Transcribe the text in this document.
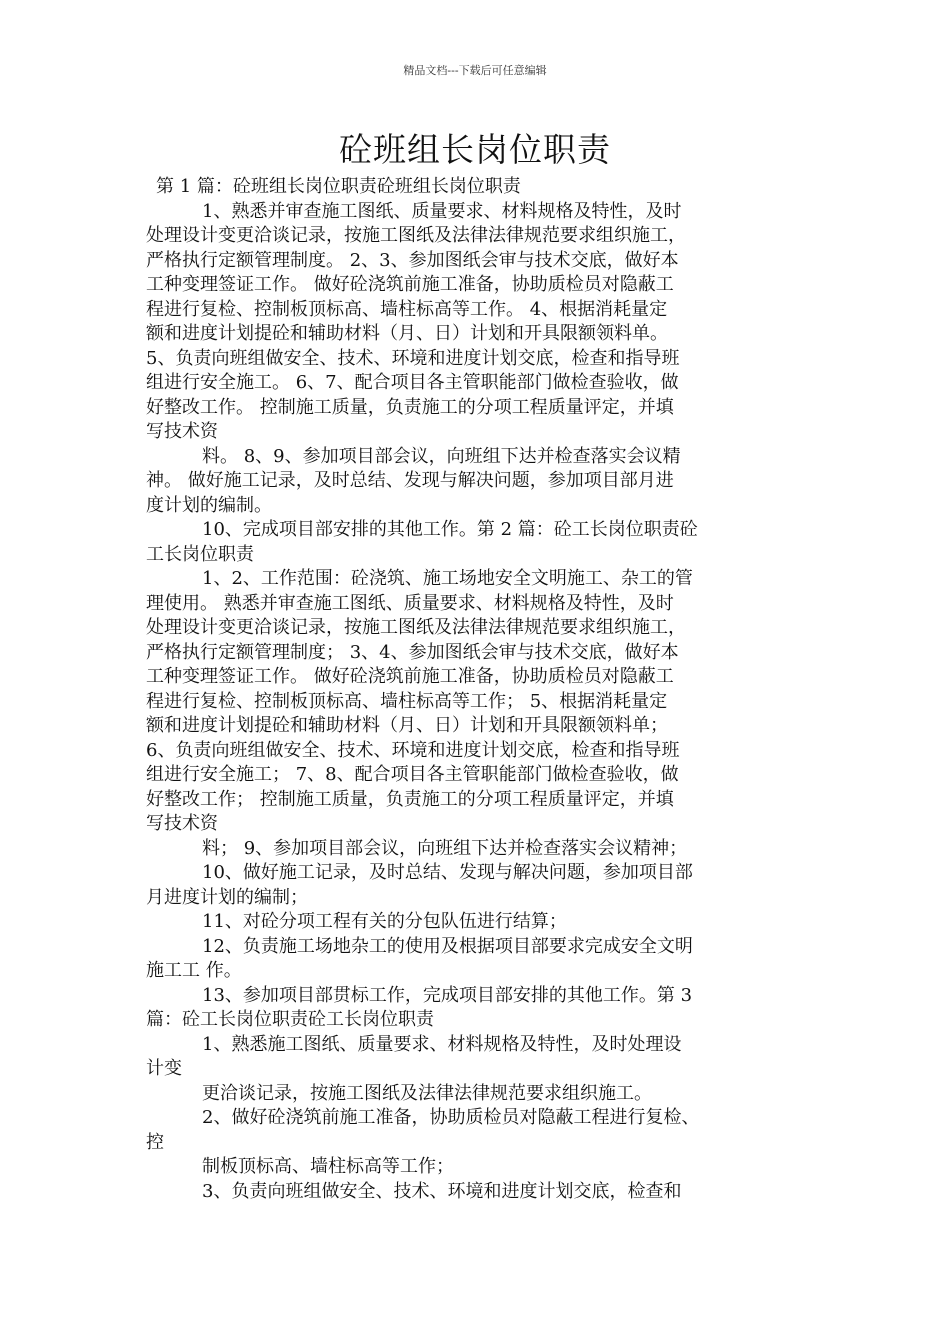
精品文档---下载后可任意编辑
砼班组长岗位职责
第 1 篇：砼班组长岗位职责砼班组长岗位职责
1、熟悉并审查施工图纸、质量要求、材料规格及特性，及时
处理设计变更洽谈记录，按施工图纸及法律法律规范要求组织施工，
严格执行定额管理制度。 2、3、参加图纸会审与技术交底，做好本
工种变理签证工作。 做好砼浇筑前施工准备，协助质检员对隐蔽工
程进行复检、控制板顶标高、墙柱标高等工作。 4、根据消耗量定
额和进度计划提砼和辅助材料（月、日）计划和开具限额领料单。
5、负责向班组做安全、技术、环境和进度计划交底，检查和指导班
组进行安全施工。 6、7、配合项目各主管职能部门做检查验收，做
好整改工作。 控制施工质量，负责施工的分项工程质量评定，并填
写技术资
料。 8、9、参加项目部会议，向班组下达并检查落实会议精
神。 做好施工记录，及时总结、发现与解决问题，参加项目部月进
度计划的编制。
10、完成项目部安排的其他工作。第 2 篇：砼工长岗位职责砼
工长岗位职责
1、2、工作范围：砼浇筑、施工场地安全文明施工、杂工的管
理使用。 熟悉并审查施工图纸、质量要求、材料规格及特性，及时
处理设计变更洽谈记录，按施工图纸及法律法律规范要求组织施工，
严格执行定额管理制度； 3、4、参加图纸会审与技术交底，做好本
工种变理签证工作。 做好砼浇筑前施工准备，协助质检员对隐蔽工
程进行复检、控制板顶标高、墙柱标高等工作； 5、根据消耗量定
额和进度计划提砼和辅助材料（月、日）计划和开具限额领料单；
6、负责向班组做安全、技术、环境和进度计划交底，检查和指导班
组进行安全施工； 7、8、配合项目各主管职能部门做检查验收，做
好整改工作； 控制施工质量，负责施工的分项工程质量评定，并填
写技术资
料； 9、参加项目部会议，向班组下达并检查落实会议精神；
10、做好施工记录，及时总结、发现与解决问题，参加项目部
月进度计划的编制；
11、对砼分项工程有关的分包队伍进行结算；
12、负责施工场地杂工的使用及根据项目部要求完成安全文明
施工工 作。
13、参加项目部贯标工作，完成项目部安排的其他工作。第 3
篇：砼工长岗位职责砼工长岗位职责
1、熟悉施工图纸、质量要求、材料规格及特性，及时处理设
计变
更洽谈记录，按施工图纸及法律法律规范要求组织施工。
2、做好砼浇筑前施工准备，协助质检员对隐蔽工程进行复检、
控
制板顶标高、墙柱标高等工作；
3、负责向班组做安全、技术、环境和进度计划交底，检查和
